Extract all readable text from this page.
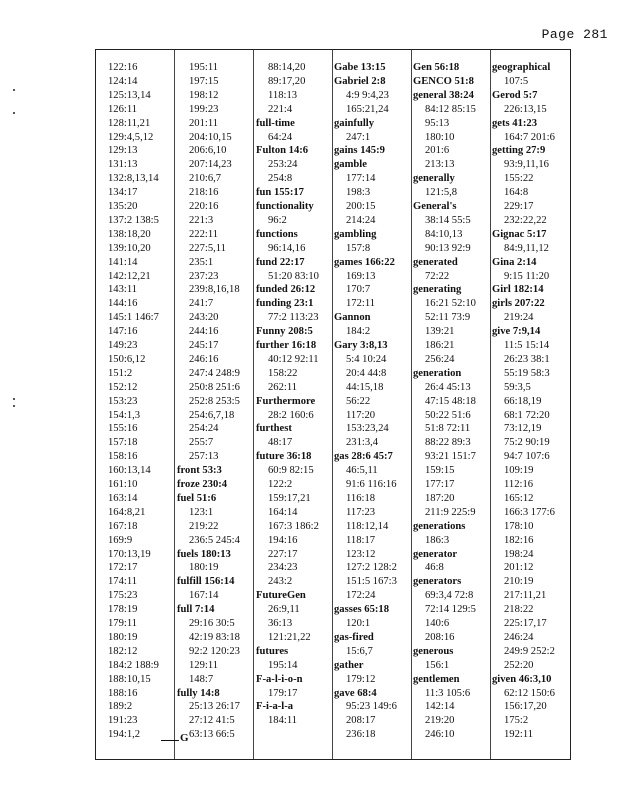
Page 281
122:16
124:14
125:13,14
126:11
128:11,21
129:4,5,12
129:13
131:13
132:8,13,14
134:17
135:20
137:2 138:5
138:18,20
139:10,20
141:14
142:12,21
143:11
144:16
145:1 146:7
147:16
149:23
150:6,12
151:2
152:12
153:23
154:1,3
155:16
157:18
158:16
160:13,14
161:10
163:14
164:8,21
167:18
169:9
170:13,19
172:17
174:11
175:23
178:19
179:11
180:19
182:12
184:2 188:9
188:10,15
188:16
189:2
191:23
194:1,2
195:11
197:15
198:12
199:23
201:11
204:10,15
206:6,10
207:14,23
210:6,7
218:16
220:16
221:3
222:11
227:5,11
235:1
237:23
239:8,16,18
241:7
243:20
244:16
245:17
246:16
247:4 248:9
250:8 251:6
252:8 253:5
254:6,7,18
254:24
255:7
257:13
front 53:3
froze 230:4
fuel 51:6
123:1
219:22
236:5 245:4
fuels 180:13
180:19
fulfill 156:14
167:14
full 7:14
29:16 30:5
42:19 83:18
92:2 120:23
129:11
148:7
fully 14:8
25:13 26:17
27:12 41:5
63:13 66:5
88:14,20
89:17,20
118:13
221:4
full-time
64:24
Fulton 14:6
253:24
254:8
fun 155:17
functionality
96:2
functions
96:14,16
fund 22:17
51:20 83:10
funded 26:12
funding 23:1
77:2 113:23
Funny 208:5
further 16:18
40:12 92:11
158:22
262:11
Furthermore
28:2 160:6
furthest
48:17
future 36:18
60:9 82:15
122:2
159:17,21
164:14
167:3 186:2
194:16
227:17
234:23
243:2
FutureGen
26:9,11
36:13
121:21,22
futures
195:14
F-a-l-i-o-n
179:17
F-i-a-l-a
184:11
Gabe 13:15
Gabriel 2:8
4:9 9:4,23
165:21,24
gainfully
247:1
gains 145:9
gamble
177:14
198:3
200:15
214:24
gambling
157:8
games 166:22
169:13
170:7
172:11
Gannon
184:2
Gary 3:8,13
5:4 10:24
20:4 44:8
44:15,18
56:22
117:20
153:23,24
231:3,4
gas 28:6 45:7
46:5,11
91:6 116:16
116:18
117:23
118:12,14
118:17
123:12
127:2 128:2
151:5 167:3
172:24
gasses 65:18
120:1
gas-fired
15:6,7
gather
179:12
gave 68:4
95:23 149:6
208:17
236:18
Gen 56:18
GENCO 51:8
general 38:24
84:12 85:15
95:13
180:10
201:6
213:13
generally
121:5,8
General's
38:14 55:5
84:10,13
90:13 92:9
generated
72:22
generating
16:21 52:10
52:11 73:9
139:21
186:21
256:24
generation
26:4 45:13
47:15 48:18
50:22 51:6
51:8 72:11
88:22 89:3
93:21 151:7
159:15
177:17
187:20
211:9 225:9
generations
186:3
generator
46:8
generators
69:3,4 72:8
72:14 129:5
140:6
208:16
generous
156:1
gentlemen
11:3 105:6
142:14
219:20
246:10
geographical
107:5
Gerod 5:7
226:13,15
gets 41:23
164:7 201:6
getting 27:9
93:9,11,16
155:22
164:8
229:17
232:22,22
Gignac 5:17
84:9,11,12
Gina 2:14
9:15 11:20
Girl 182:14
girls 207:22
219:24
give 7:9,14
11:5 15:14
26:23 38:1
55:19 58:3
59:3,5
66:18,19
68:1 72:20
73:12,19
75:2 90:19
94:7 107:6
109:19
112:16
165:12
166:3 177:6
178:10
182:16
198:24
201:12
210:19
217:11,21
218:22
225:17,17
246:24
249:9 252:2
252:20
given 46:3,10
62:12 150:6
156:17,20
175:2
192:11
G
